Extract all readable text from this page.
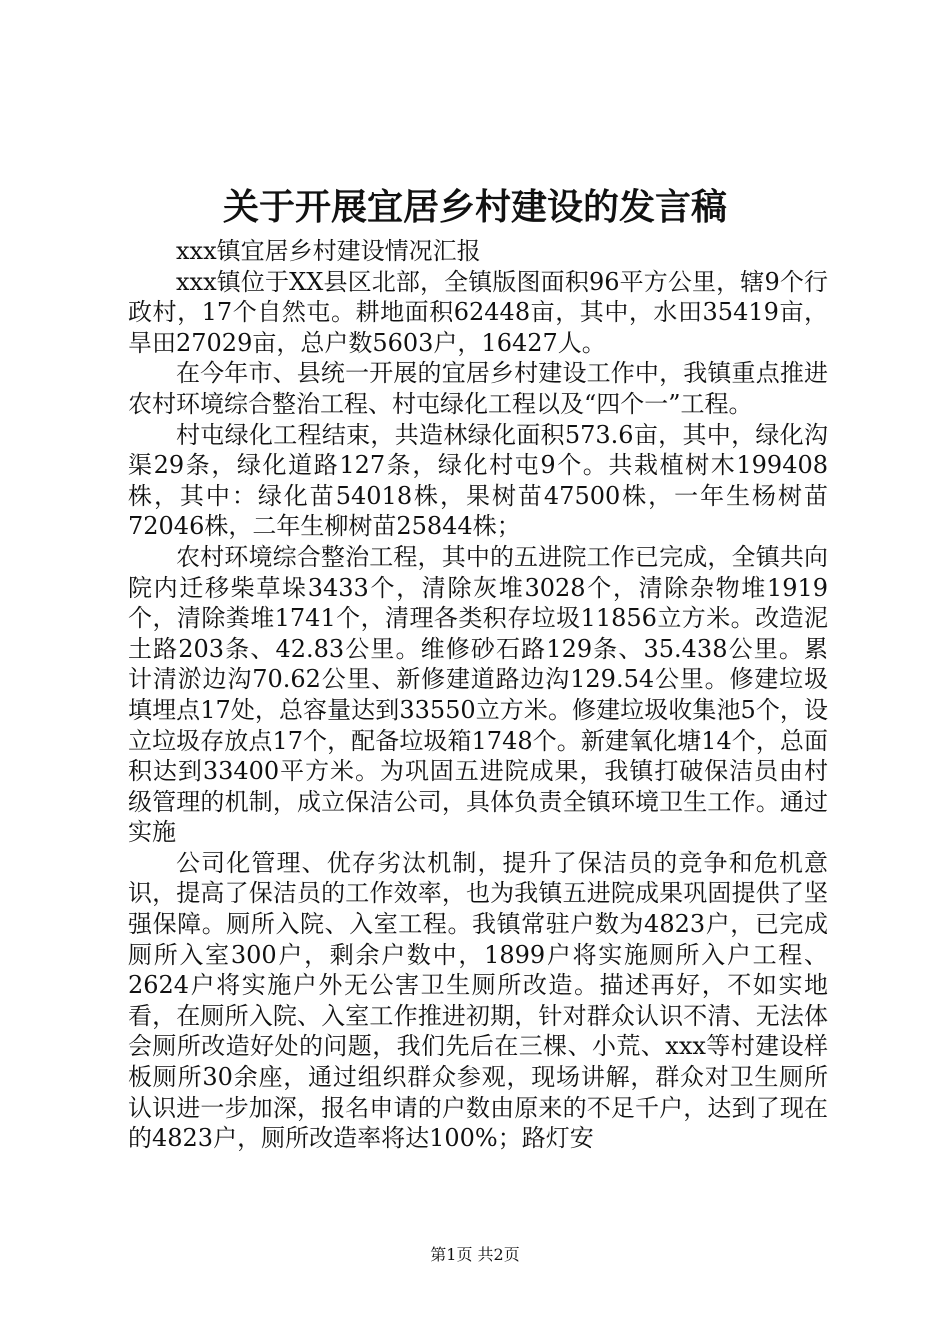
关于开展宜居乡村建设的发言稿

xxx镇宜居乡村建设情况汇报

xxx镇位于XX县区北部，全镇版图面积96平方公里，辖9个行政村，17个自然屯。耕地面积62448亩，其中，水田35419亩，旱田27029亩，总户数5603户，16427人。

在今年市、县统一开展的宜居乡村建设工作中，我镇重点推进农村环境综合整治工程、村屯绿化工程以及“四个一”工程。

村屯绿化工程结束，共造林绿化面积573.6亩，其中，绿化沟渠29条，绿化道路127条，绿化村屯9个。共栽植树木199408株，其中：绿化苗54018株，果树苗47500株，一年生杨树苗72046株，二年生柳树苗25844株；

农村环境综合整治工程，其中的五进院工作已完成，全镇共向院内迁移柴草垛3433个，清除灰堆3028个，清除杂物堆1919个，清除粪堆1741个，清理各类积存垃圾11856立方米。改造泥土路203条、42.83公里。维修砂石路129条、35.438公里。累计清淤边沟70.62公里、新修建道路边沟129.54公里。修建垃圾填埋点17处，总容量达到33550立方米。修建垃圾收集池5个，设立垃圾存放点17个，配备垃圾箱1748个。新建氧化塘14个，总面积达到33400平方米。为巩固五进院成果，我镇打破保洁员由村级管理的机制，成立保洁公司，具体负责全镇环境卫生工作。通过实施

公司化管理、优存劣汰机制，提升了保洁员的竞争和危机意识，提高了保洁员的工作效率，也为我镇五进院成果巩固提供了坚强保障。厕所入院、入室工程。我镇常驻户数为4823户，已完成厕所入室300户，剩余户数中，1899户将实施厕所入户工程、2624户将实施户外无公害卫生厕所改造。描述再好，不如实地看，在厕所入院、入室工作推进初期，针对群众认识不清、无法体会厕所改造好处的问题，我们先后在三棵、小荒、xxx等村建设样板厕所30余座，通过组织群众参观，现场讲解，群众对卫生厕所认识进一步加深，报名申请的户数由原来的不足千户，达到了现在的4823户，厕所改造率将达100%；路灯安

第1页 共2页
